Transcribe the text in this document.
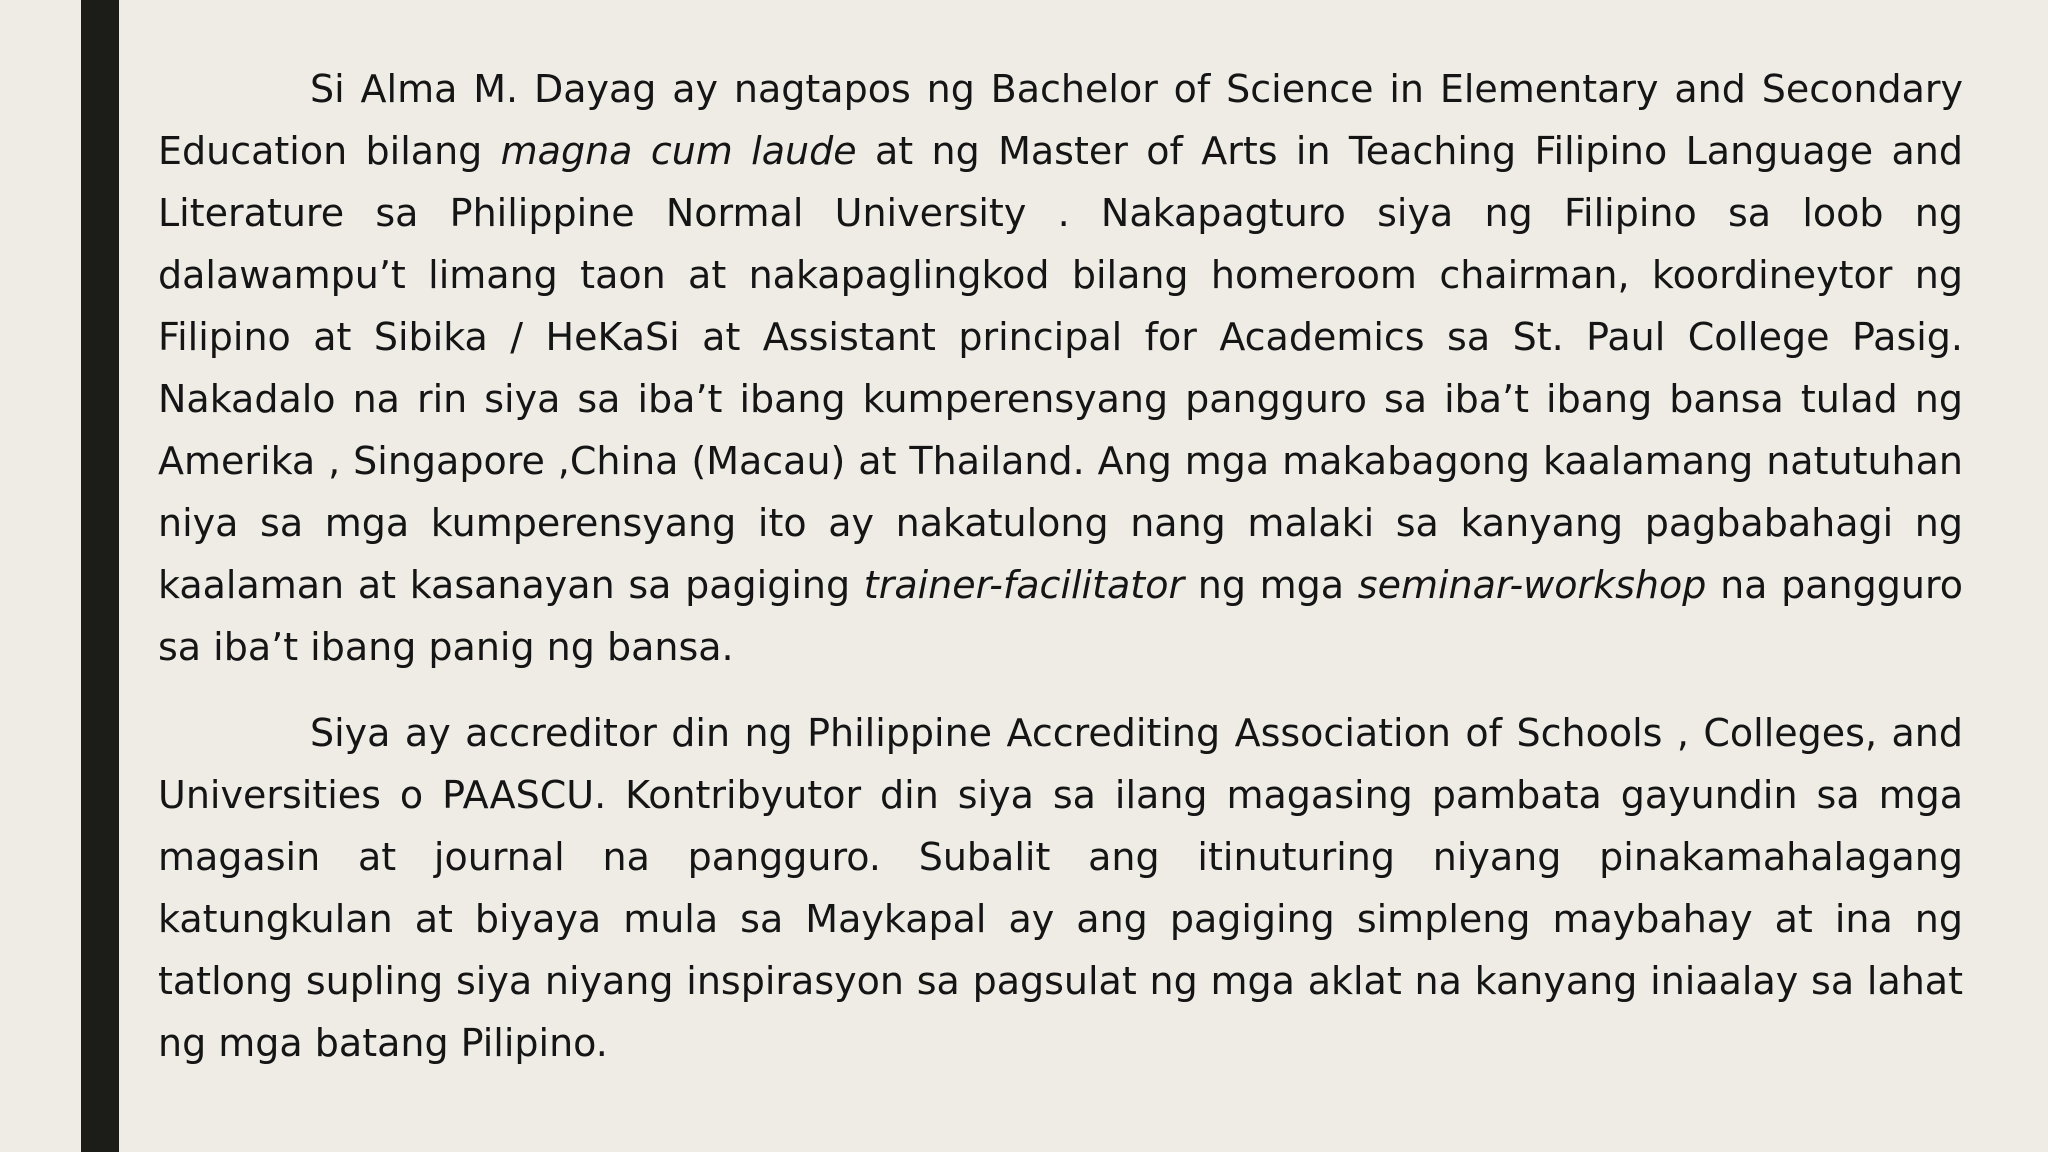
Si Alma M. Dayag ay nagtapos ng Bachelor of Science in Elementary and Secondary Education bilang magna cum laude at ng Master of Arts in Teaching Filipino Language and Literature sa Philippine Normal University . Nakapagturo siya ng Filipino sa loob ng dalawampu’t limang taon at nakapaglingkod bilang homeroom chairman, koordineytor ng Filipino at Sibika / HeKaSi at Assistant principal for Academics sa St. Paul College Pasig. Nakadalo na rin siya sa iba’t ibang kumperensyang pangguro sa iba’t ibang bansa tulad ng Amerika , Singapore ,China (Macau) at Thailand. Ang mga makabagong kaalamang natutuhan niya sa mga kumperensyang ito ay nakatulong nang malaki sa kanyang pagbabahagi ng kaalaman at kasanayan sa pagiging trainer-facilitator ng mga seminar-workshop na pangguro sa iba’t ibang panig ng bansa.

Siya ay accreditor din ng Philippine Accrediting Association of Schools , Colleges, and Universities o PAASCU. Kontribyutor din siya sa ilang magasing pambata gayundin sa mga magasin at journal na pangguro. Subalit ang itinuturing niyang pinakamahalagang katungkulan at biyaya mula sa Maykapal ay ang pagiging simpleng maybahay at ina ng tatlong supling siya niyang inspirasyon sa pagsulat ng mga aklat na kanyang iniaalay sa lahat ng mga batang Pilipino.
